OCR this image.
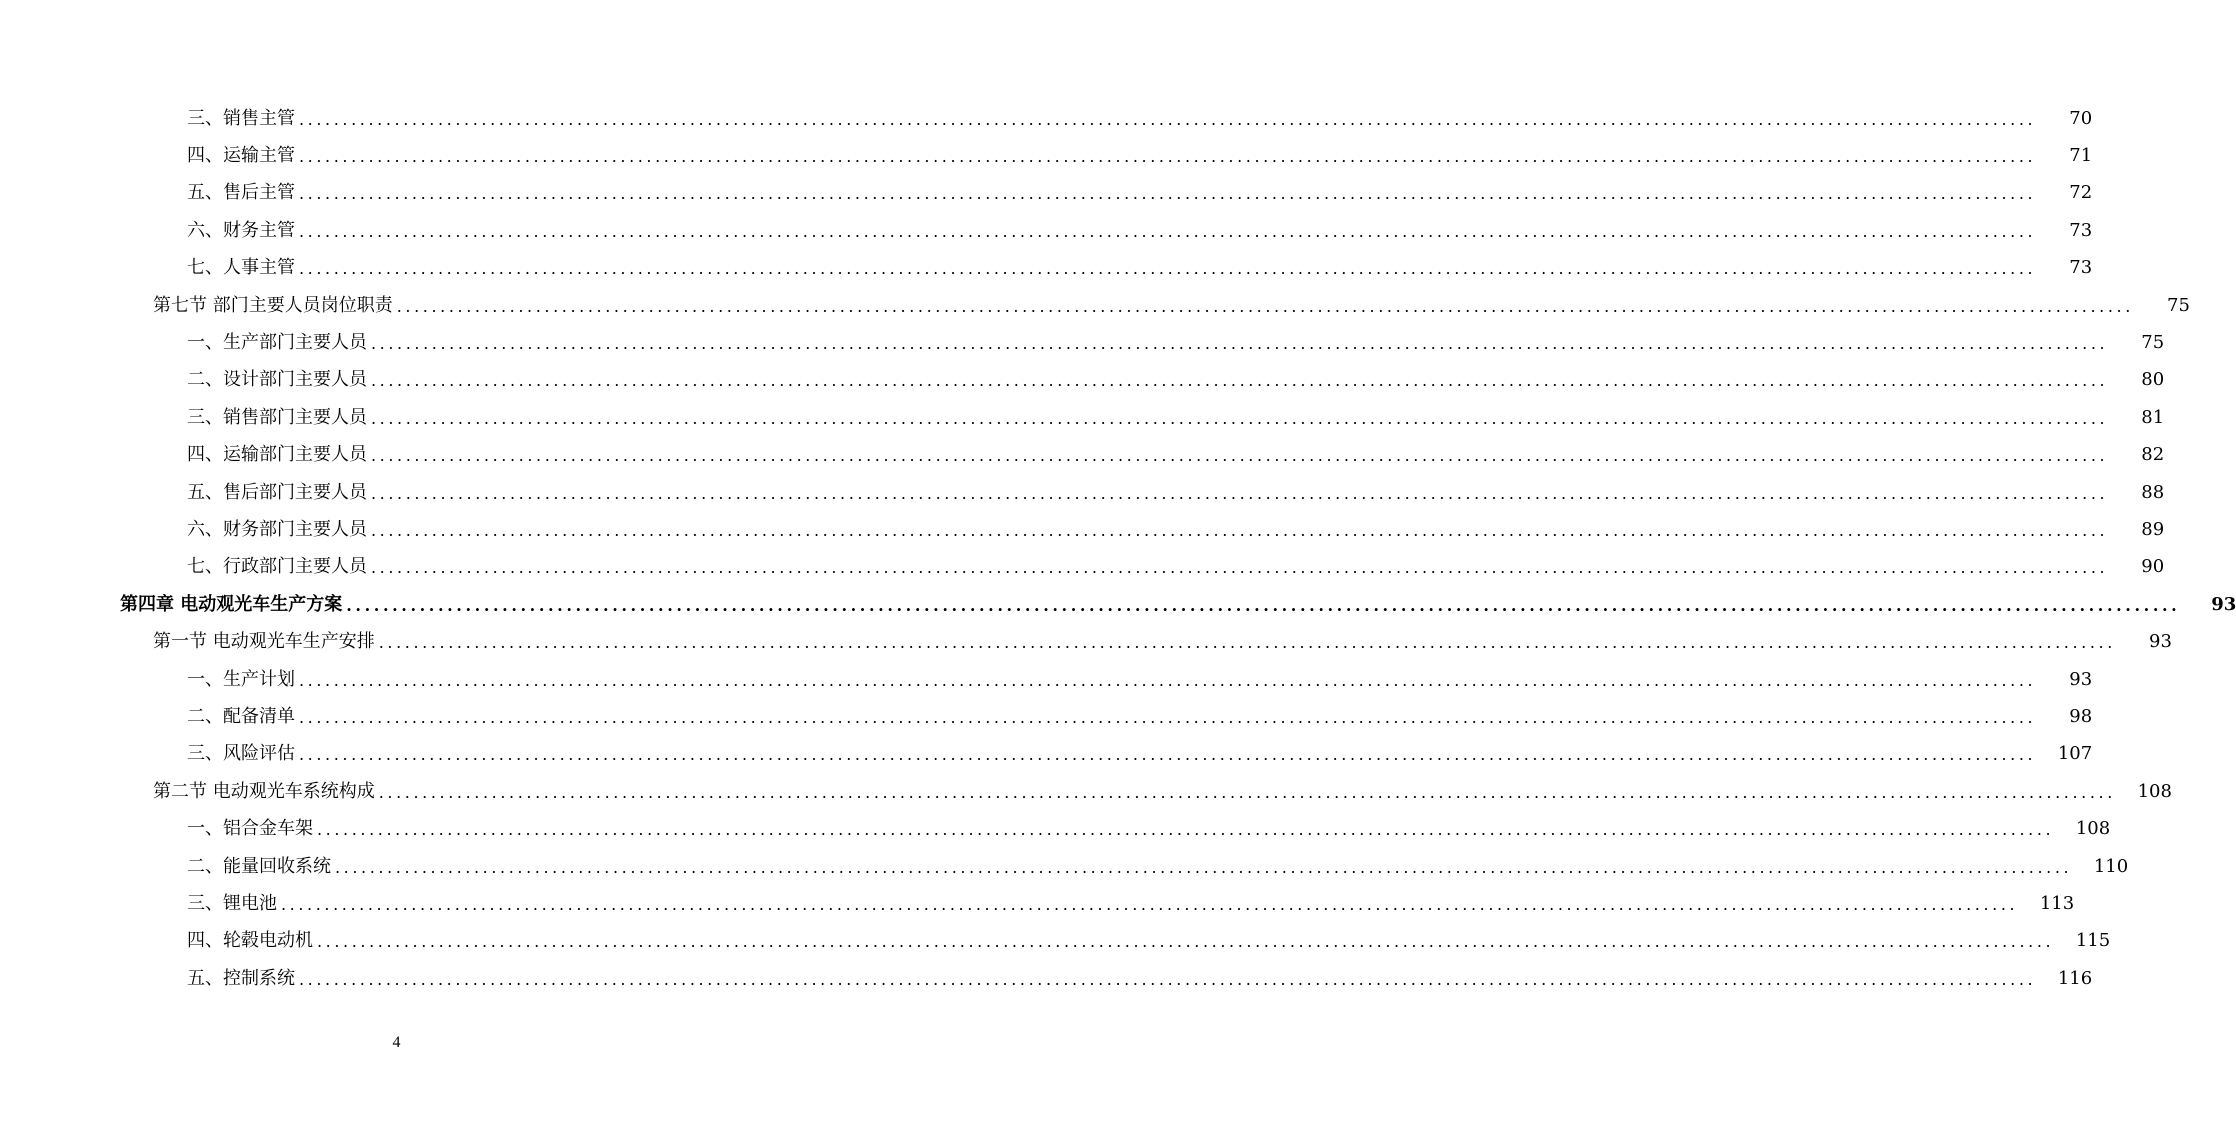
三、销售主管 ........................................................................................................................................................................................................	70
四、运输主管 ........................................................................................................................................................................................................	71
五、售后主管 ........................................................................................................................................................................................................	72
六、财务主管 ........................................................................................................................................................................................................	73
七、人事主管 ........................................................................................................................................................................................................	73
第七节 部门主要人员岗位职责 ........................................................................................................................................................................................................	75
一、生产部门主要人员 ........................................................................................................................................................................................................	75
二、设计部门主要人员 ........................................................................................................................................................................................................	80
三、销售部门主要人员 ........................................................................................................................................................................................................	81
四、运输部门主要人员 ........................................................................................................................................................................................................	82
五、售后部门主要人员 ........................................................................................................................................................................................................	88
六、财务部门主要人员 ........................................................................................................................................................................................................	89
七、行政部门主要人员 ........................................................................................................................................................................................................	90
第四章 电动观光车生产方案 ........................................................................................................................................................................................................	93
第一节 电动观光车生产安排 ........................................................................................................................................................................................................	93
一、生产计划 ........................................................................................................................................................................................................	93
二、配备清单 ........................................................................................................................................................................................................	98
三、风险评估 ........................................................................................................................................................................................................	107
第二节 电动观光车系统构成 ........................................................................................................................................................................................................	108
一、铝合金车架 ........................................................................................................................................................................................................	108
二、能量回收系统 ........................................................................................................................................................................................................	110
三、锂电池 ........................................................................................................................................................................................................	113
四、轮毂电动机 ........................................................................................................................................................................................................	115
五、控制系统 ........................................................................................................................................................................................................	116
4
